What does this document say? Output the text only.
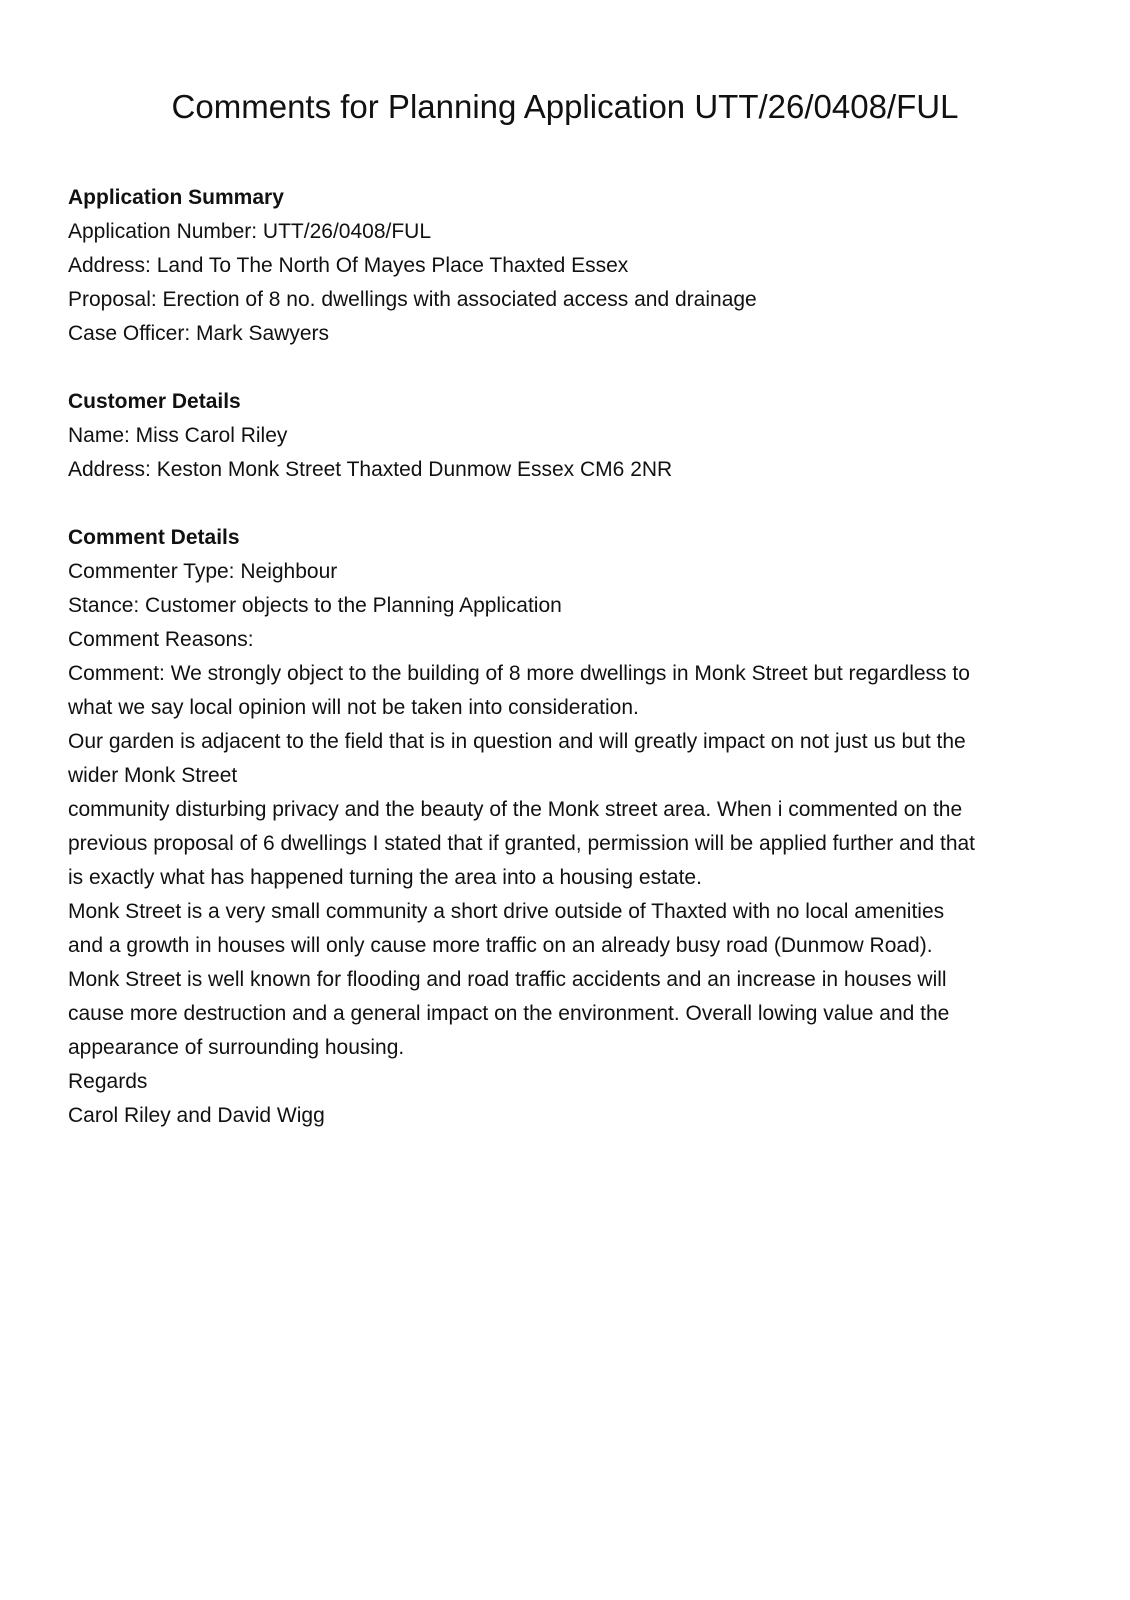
Comments for Planning Application UTT/26/0408/FUL

Application Summary

Application Number: UTT/26/0408/FUL

Address: Land To The North Of Mayes Place Thaxted Essex

Proposal: Erection of 8 no. dwellings with associated access and drainage

Case Officer: Mark Sawyers

Customer Details

Name: Miss Carol Riley

Address: Keston Monk Street Thaxted Dunmow Essex CM6 2NR

Comment Details

Commenter Type: Neighbour

Stance: Customer objects to the Planning Application

Comment Reasons:

Comment: We strongly object to the building of 8 more dwellings in Monk Street but regardless to

what we say local opinion will not be taken into consideration.

Our garden is adjacent to the field that is in question and will greatly impact on not just us but the

wider Monk Street

community disturbing privacy and the beauty of the Monk street area. When i commented on the

previous proposal of 6 dwellings I stated that if granted, permission will be applied further and that

is exactly what has happened turning the area into a housing estate.

Monk Street is a very small community a short drive outside of Thaxted with no local amenities

and a growth in houses will only cause more traffic on an already busy road (Dunmow Road).

Monk Street is well known for flooding and road traffic accidents and an increase in houses will

cause more destruction and a general impact on the environment. Overall lowing value and the

appearance of surrounding housing.

Regards

Carol Riley and David Wigg
